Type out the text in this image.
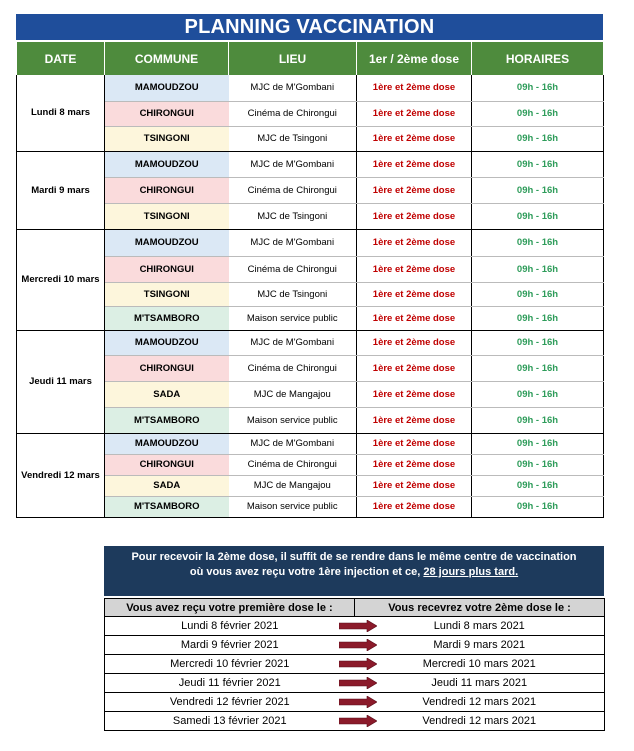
PLANNING VACCINATION
DATE	COMMUNE	LIEU	1er / 2ème dose	HORAIRES
Lundi 8 mars	MAMOUDZOU	MJC de M'Gombani	1ère et 2ème dose	09h - 16h
	CHIRONGUI	Cinéma de Chirongui	1ère et 2ème dose	09h - 16h
	TSINGONI	MJC de Tsingoni	1ère et 2ème dose	09h - 16h
Mardi 9 mars	MAMOUDZOU	MJC de M'Gombani	1ère et 2ème dose	09h - 16h
	CHIRONGUI	Cinéma de Chirongui	1ère et 2ème dose	09h - 16h
	TSINGONI	MJC de Tsingoni	1ère et 2ème dose	09h - 16h
Mercredi 10 mars	MAMOUDZOU	MJC de M'Gombani	1ère et 2ème dose	09h - 16h
	CHIRONGUI	Cinéma de Chirongui	1ère et 2ème dose	09h - 16h
	TSINGONI	MJC de Tsingoni	1ère et 2ème dose	09h - 16h
	M'TSAMBORO	Maison service public	1ère et 2ème dose	09h - 16h
Jeudi 11 mars	MAMOUDZOU	MJC de M'Gombani	1ère et 2ème dose	09h - 16h
	CHIRONGUI	Cinéma de Chirongui	1ère et 2ème dose	09h - 16h
	SADA	MJC de Mangajou	1ère et 2ème dose	09h - 16h
	M'TSAMBORO	Maison service public	1ère et 2ème dose	09h - 16h
Vendredi 12 mars	MAMOUDZOU	MJC de M'Gombani	1ère et 2ème dose	09h - 16h
	CHIRONGUI	Cinéma de Chirongui	1ère et 2ème dose	09h - 16h
	SADA	MJC de Mangajou	1ère et 2ème dose	09h - 16h
	M'TSAMBORO	Maison service public	1ère et 2ème dose	09h - 16h
Pour recevoir la 2ème dose, il suffit de se rendre dans le même centre de vaccination
où vous avez reçu votre 1ère injection et ce, 28 jours plus tard.
Vous avez reçu votre première dose le :	Vous recevrez votre 2ème dose le :
Lundi 8 février 2021	Lundi 8 mars 2021
Mardi 9 février 2021	Mardi 9 mars 2021
Mercredi 10 février 2021	Mercredi 10 mars 2021
Jeudi 11 février 2021	Jeudi 11 mars 2021
Vendredi 12 février 2021	Vendredi 12 mars 2021
Samedi 13 février 2021	Vendredi 12 mars 2021
